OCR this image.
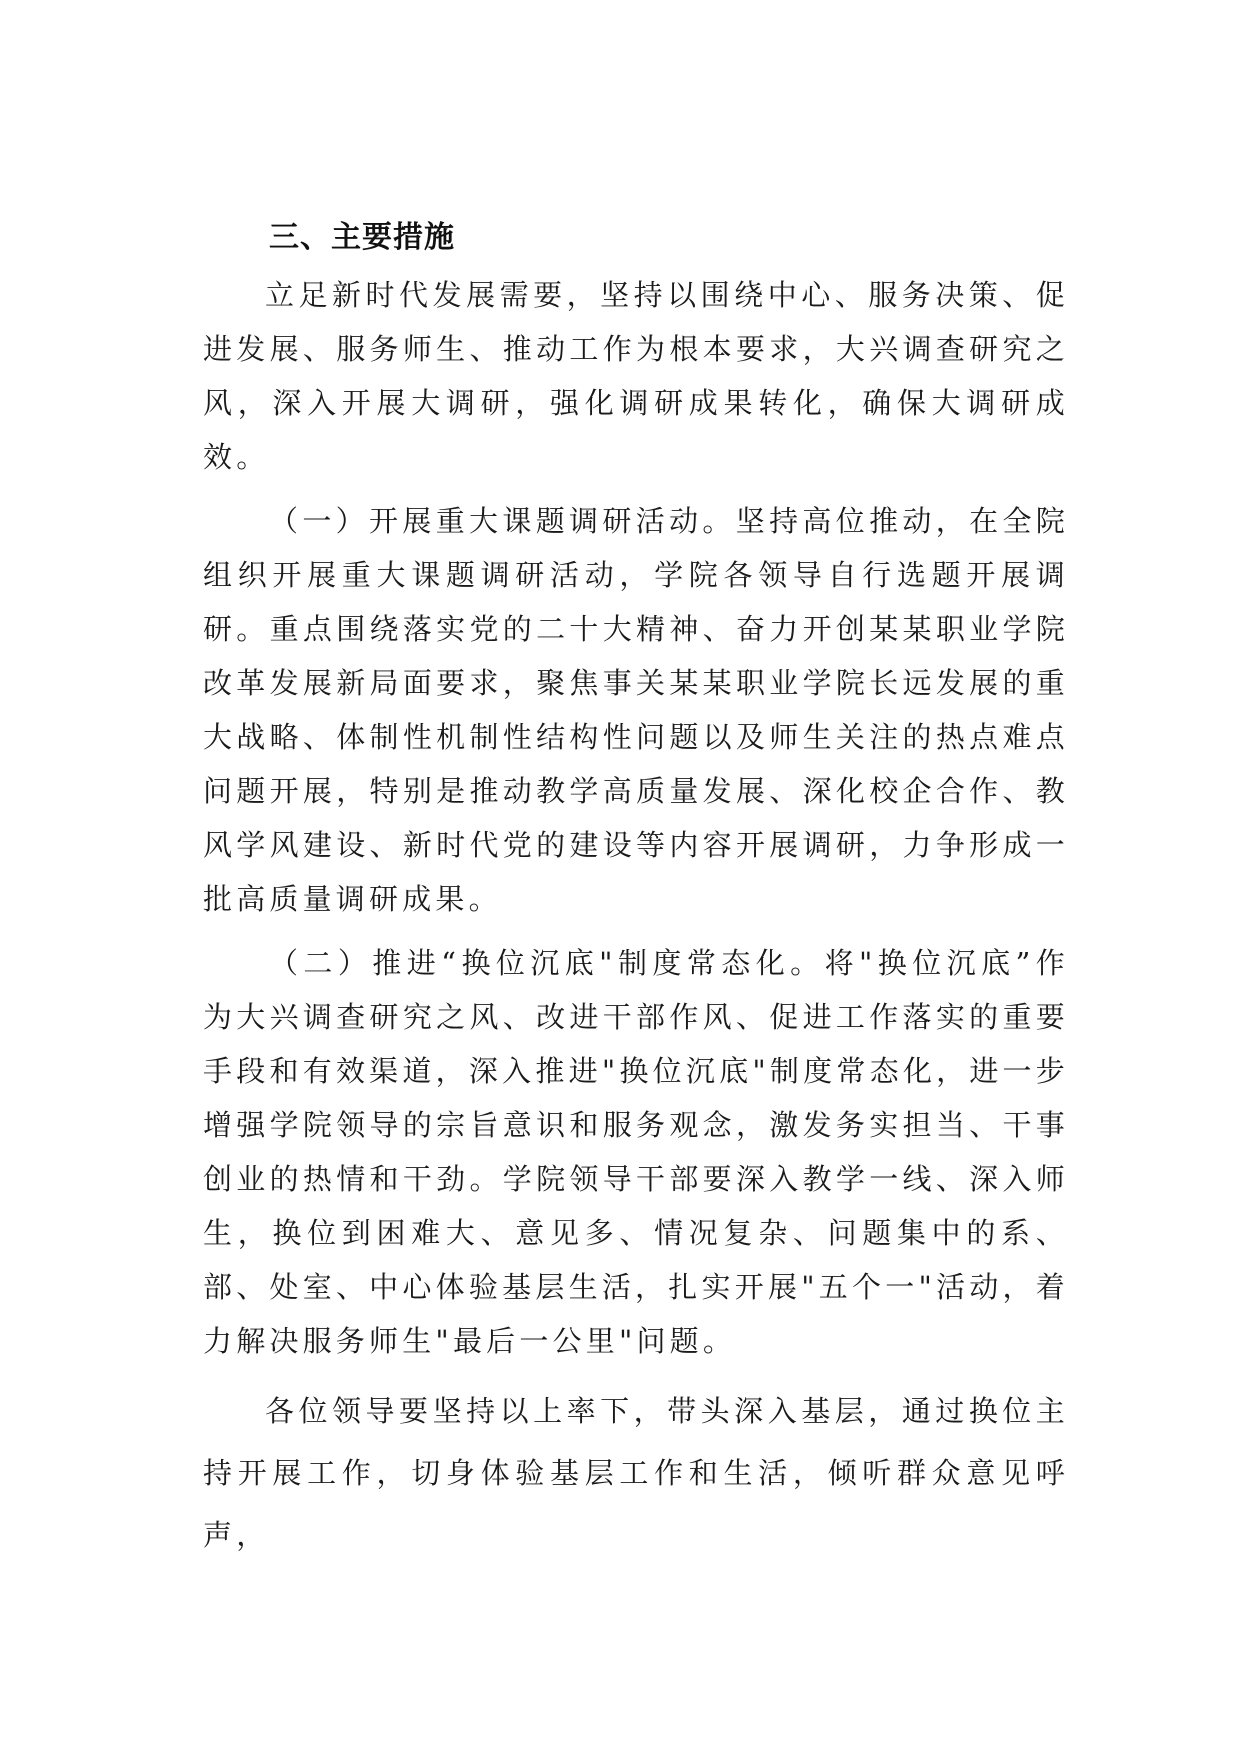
三、主要措施

立足新时代发展需要，坚持以围绕中心、服务决策、促进发展、服务师生、推动工作为根本要求，大兴调查研究之风，深入开展大调研，强化调研成果转化，确保大调研成效。

（一）开展重大课题调研活动。坚持高位推动，在全院组织开展重大课题调研活动，学院各领导自行选题开展调研。重点围绕落实党的二十大精神、奋力开创某某职业学院改革发展新局面要求，聚焦事关某某职业学院长远发展的重大战略、体制性机制性结构性问题以及师生关注的热点难点问题开展，特别是推动教学高质量发展、深化校企合作、教风学风建设、新时代党的建设等内容开展调研，力争形成一批高质量调研成果。

（二）推进“换位沉底"制度常态化。将"换位沉底”作为大兴调查研究之风、改进干部作风、促进工作落实的重要手段和有效渠道，深入推进"换位沉底"制度常态化，进一步增强学院领导的宗旨意识和服务观念，激发务实担当、干事创业的热情和干劲。学院领导干部要深入教学一线、深入师生，换位到困难大、意见多、情况复杂、问题集中的系、部、处室、中心体验基层生活，扎实开展"五个一"活动，着力解决服务师生"最后一公里"问题。

各位领导要坚持以上率下，带头深入基层，通过换位主持开展工作，切身体验基层工作和生活，倾听群众意见呼声，
